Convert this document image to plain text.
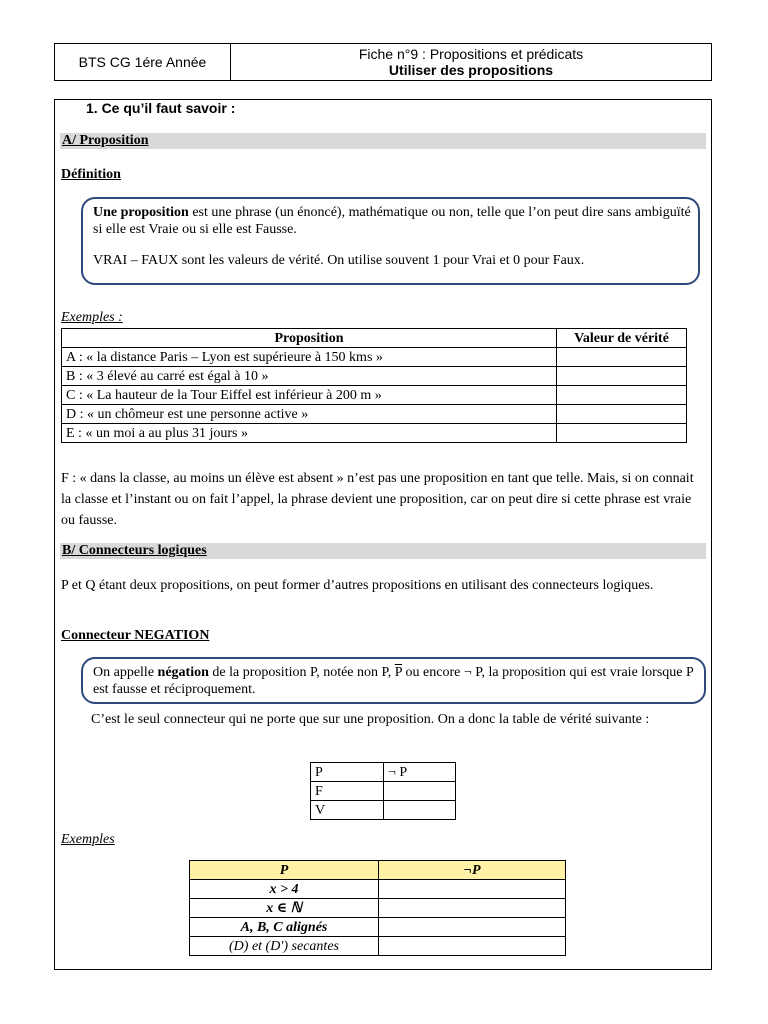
BTS CG 1ére Année	Fiche n°9 : Propositions et prédicats
Utiliser des propositions
1. Ce qu’il faut savoir :
A/ Proposition
Définition
Une proposition est une phrase (un énoncé), mathématique ou non, telle que l’on peut dire sans ambiguïté si elle est Vraie ou si elle est Fausse.
VRAI – FAUX sont les valeurs de vérité. On utilise souvent 1 pour Vrai et 0 pour Faux.
Exemples :
Proposition	Valeur de vérité
A : « la distance Paris – Lyon est supérieure à 150 kms »	
B : « 3 élevé au carré est égal à 10 »	
C : « La hauteur de la Tour Eiffel est inférieur à 200 m »	
D : « un chômeur est une personne active »	
E : « un moi a au plus 31 jours »	
F : « dans la classe, au moins un élève est absent » n’est pas une proposition en tant que telle. Mais, si on connait la classe et l’instant ou on fait l’appel, la phrase devient une proposition, car on peut dire si cette phrase est vraie ou fausse.
B/ Connecteurs logiques
P et Q étant deux propositions, on peut former d’autres propositions en utilisant des connecteurs logiques.
Connecteur NEGATION
On appelle négation de la proposition P, notée non P, $\overline{P}$ ou encore ¬ P, la proposition qui est vraie lorsque P est fausse et réciproquement.
C’est le seul connecteur qui ne porte que sur une proposition. On a donc la table de vérité suivante :
P	¬ P
F	
V	
Exemples
P	¬P
x > 4	
x ∈ ℕ	
A, B, C alignés	
(D) et (D′) secantes	
